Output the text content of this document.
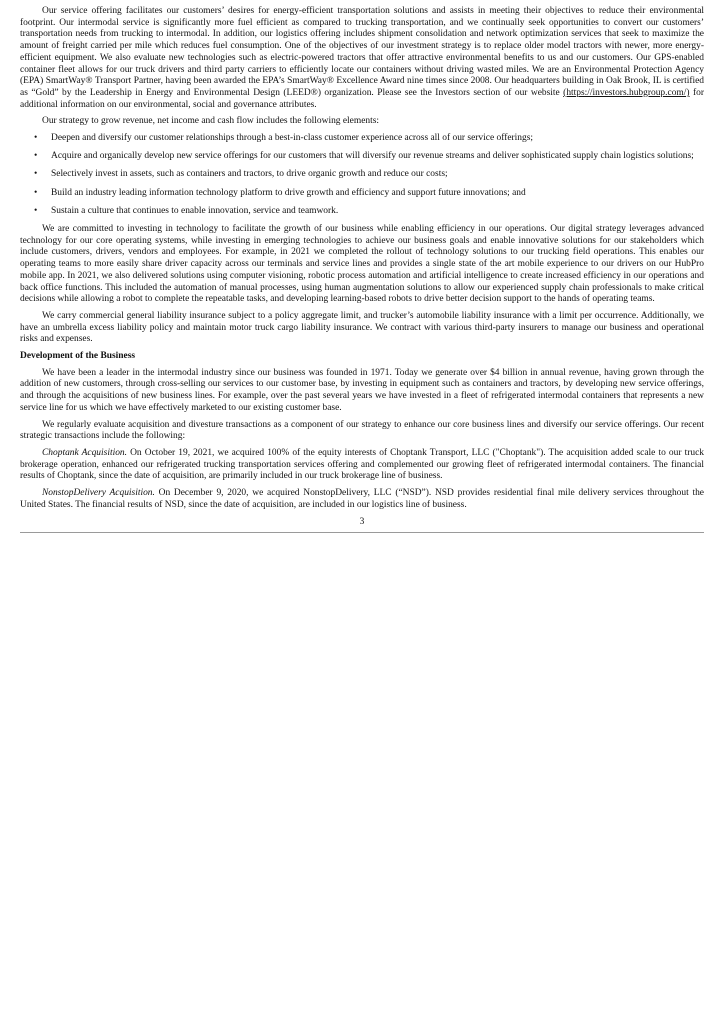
Our service offering facilitates our customers’ desires for energy-efficient transportation solutions and assists in meeting their objectives to reduce their environmental footprint. Our intermodal service is significantly more fuel efficient as compared to trucking transportation, and we continually seek opportunities to convert our customers’ transportation needs from trucking to intermodal. In addition, our logistics offering includes shipment consolidation and network optimization services that seek to maximize the amount of freight carried per mile which reduces fuel consumption. One of the objectives of our investment strategy is to replace older model tractors with newer, more energy-efficient equipment. We also evaluate new technologies such as electric-powered tractors that offer attractive environmental benefits to us and our customers. Our GPS-enabled container fleet allows for our truck drivers and third party carriers to efficiently locate our containers without driving wasted miles. We are an Environmental Protection Agency (EPA) SmartWay® Transport Partner, having been awarded the EPA’s SmartWay® Excellence Award nine times since 2008. Our headquarters building in Oak Brook, IL is certified as “Gold” by the Leadership in Energy and Environmental Design (LEED®) organization. Please see the Investors section of our website (https://investors.hubgroup.com/) for additional information on our environmental, social and governance attributes.

Our strategy to grow revenue, net income and cash flow includes the following elements:

• Deepen and diversify our customer relationships through a best-in-class customer experience across all of our service offerings;
• Acquire and organically develop new service offerings for our customers that will diversify our revenue streams and deliver sophisticated supply chain logistics solutions;
• Selectively invest in assets, such as containers and tractors, to drive organic growth and reduce our costs;
• Build an industry leading information technology platform to drive growth and efficiency and support future innovations; and
• Sustain a culture that continues to enable innovation, service and teamwork.

We are committed to investing in technology to facilitate the growth of our business while enabling efficiency in our operations. Our digital strategy leverages advanced technology for our core operating systems, while investing in emerging technologies to achieve our business goals and enable innovative solutions for our stakeholders which include customers, drivers, vendors and employees. For example, in 2021 we completed the rollout of technology solutions to our trucking field operations. This enables our operating teams to more easily share driver capacity across our terminals and service lines and provides a single state of the art mobile experience to our drivers on our HubPro mobile app. In 2021, we also delivered solutions using computer visioning, robotic process automation and artificial intelligence to create increased efficiency in our operations and back office functions. This included the automation of manual processes, using human augmentation solutions to allow our experienced supply chain professionals to make critical decisions while allowing a robot to complete the repeatable tasks, and developing learning-based robots to drive better decision support to the hands of operating teams.

We carry commercial general liability insurance subject to a policy aggregate limit, and trucker’s automobile liability insurance with a limit per occurrence. Additionally, we have an umbrella excess liability policy and maintain motor truck cargo liability insurance. We contract with various third-party insurers to manage our business and operational risks and expenses.

Development of the Business

We have been a leader in the intermodal industry since our business was founded in 1971. Today we generate over $4 billion in annual revenue, having grown through the addition of new customers, through cross-selling our services to our customer base, by investing in equipment such as containers and tractors, by developing new service offerings, and through the acquisitions of new business lines. For example, over the past several years we have invested in a fleet of refrigerated intermodal containers that represents a new service line for us which we have effectively marketed to our existing customer base.

We regularly evaluate acquisition and divesture transactions as a component of our strategy to enhance our core business lines and diversify our service offerings. Our recent strategic transactions include the following:

Choptank Acquisition. On October 19, 2021, we acquired 100% of the equity interests of Choptank Transport, LLC ("Choptank"). The acquisition added scale to our truck brokerage operation, enhanced our refrigerated trucking transportation services offering and complemented our growing fleet of refrigerated intermodal containers. The financial results of Choptank, since the date of acquisition, are primarily included in our truck brokerage line of business.

NonstopDelivery Acquisition. On December 9, 2020, we acquired NonstopDelivery, LLC (“NSD”). NSD provides residential final mile delivery services throughout the United States. The financial results of NSD, since the date of acquisition, are included in our logistics line of business.

3
